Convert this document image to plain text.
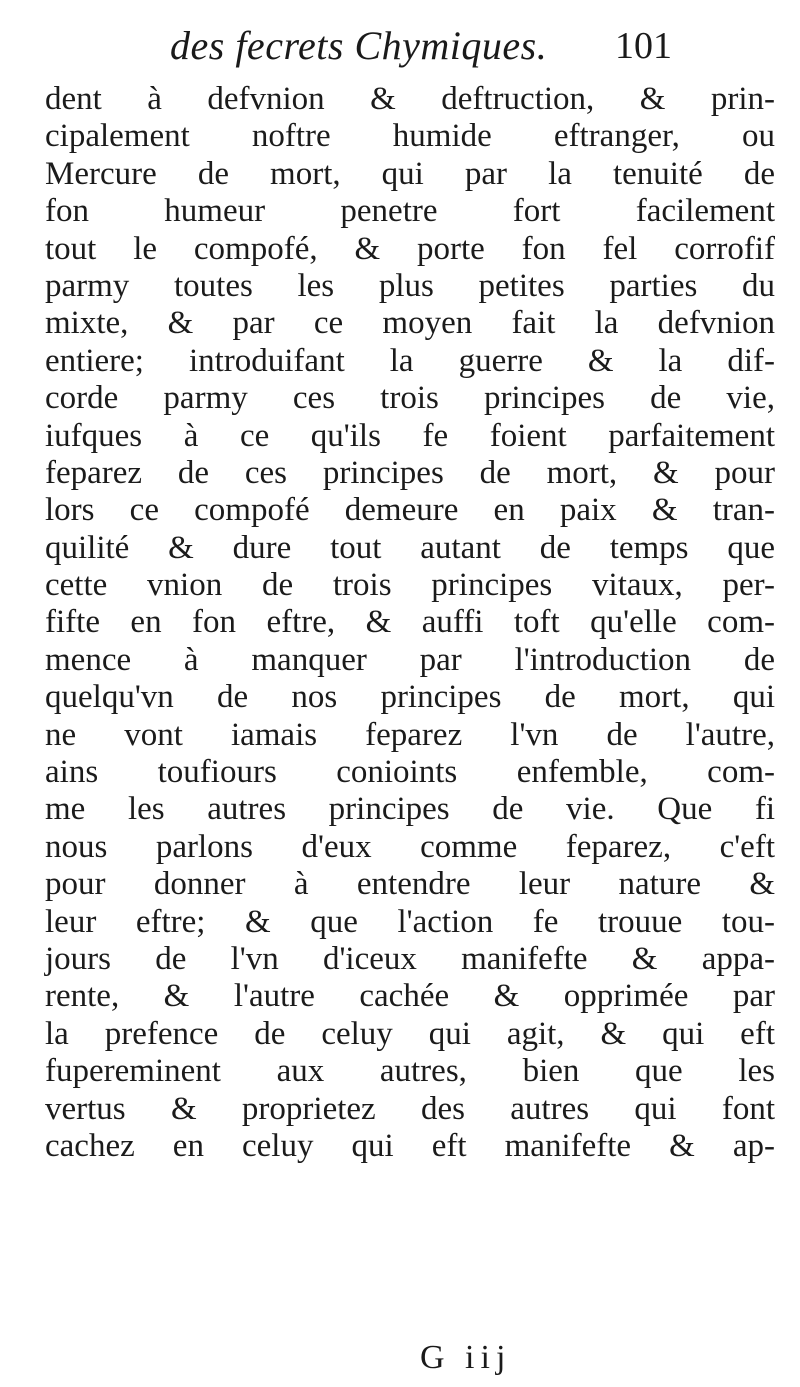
des fecrets Chymiques. 101
dent à defvnion & deftruction, & prin-
cipalement noftre humide eftranger, ou
Mercure de mort, qui par la tenuité de
fon humeur penetre fort facilement
tout le compofé, & porte fon fel corrofif
parmy toutes les plus petites parties du
mixte, & par ce moyen fait la defvnion
entiere; introduifant la guerre & la dif-
corde parmy ces trois principes de vie,
iufques à ce qu'ils fe foient parfaitement
feparez de ces principes de mort, & pour
lors ce compofé demeure en paix & tran-
quilité & dure tout autant de temps que
cette vnion de trois principes vitaux, per-
fifte en fon eftre, & auffi toft qu'elle com-
mence à manquer par l'introduction de
quelqu'vn de nos principes de mort, qui
ne vont iamais feparez l'vn de l'autre,
ains toufiours conioints enfemble, com-
me les autres principes de vie. Que fi
nous parlons d'eux comme feparez, c'eft
pour donner à entendre leur nature &
leur eftre; & que l'action fe trouue tou-
jours de l'vn d'iceux manifefte & appa-
rente, & l'autre cachée & opprimée par
la prefence de celuy qui agit, & qui eft
fupereminent aux autres, bien que les
vertus & proprietez des autres qui font
cachez en celuy qui eft manifefte & ap-
G iij
